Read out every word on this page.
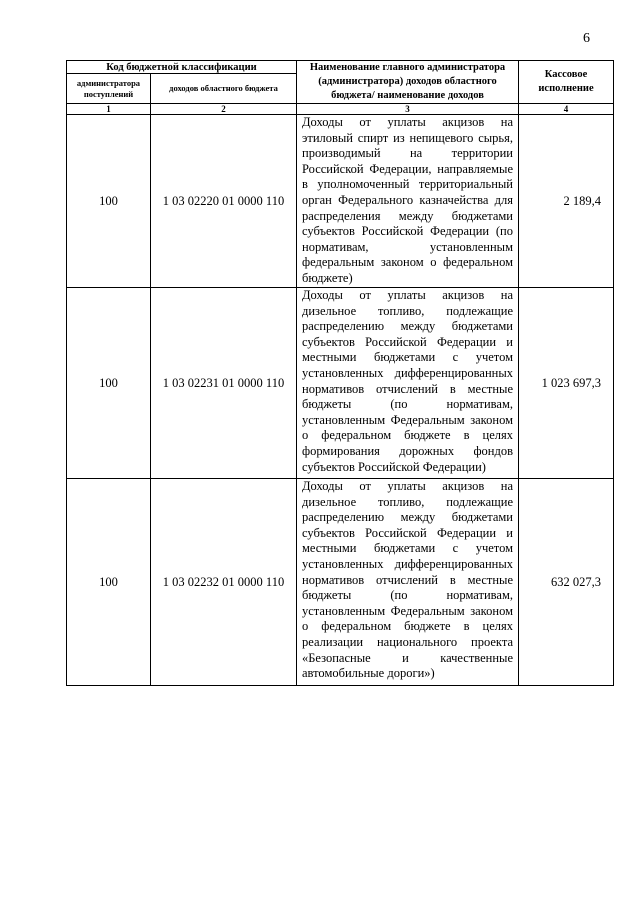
6
Код бюджетной классификации		Наименование главного администратора (администратора) доходов областного бюджета/ наименование доходов	Кассовое исполнение
администратора поступлений	доходов областного бюджета		
1	2	3	4
100	1 03 02220 01 0000 110	Доходы от уплаты акцизов на этиловый спирт из непищевого сырья, производимый на территории Российской Федерации, направляемые в уполномоченный территориальный орган Федерального казначейства для распределения между бюджетами субъектов Российской Федерации (по нормативам, установленным федеральным законом о федеральном бюджете)	2 189,4
100	1 03 02231 01 0000 110	Доходы от уплаты акцизов на дизельное топливо, подлежащие распределению между бюджетами субъектов Российской Федерации и местными бюджетами с учетом установленных дифференцированных нормативов отчислений в местные бюджеты (по нормативам, установленным Федеральным законом о федеральном бюджете в целях формирования дорожных фондов субъектов Российской Федерации)	1 023 697,3
100	1 03 02232 01 0000 110	Доходы от уплаты акцизов на дизельное топливо, подлежащие распределению между бюджетами субъектов Российской Федерации и местными бюджетами с учетом установленных дифференцированных нормативов отчислений в местные бюджеты (по нормативам, установленным Федеральным законом о федеральном бюджете в целях реализации национального проекта «Безопасные и качественные автомобильные дороги»)	632 027,3
